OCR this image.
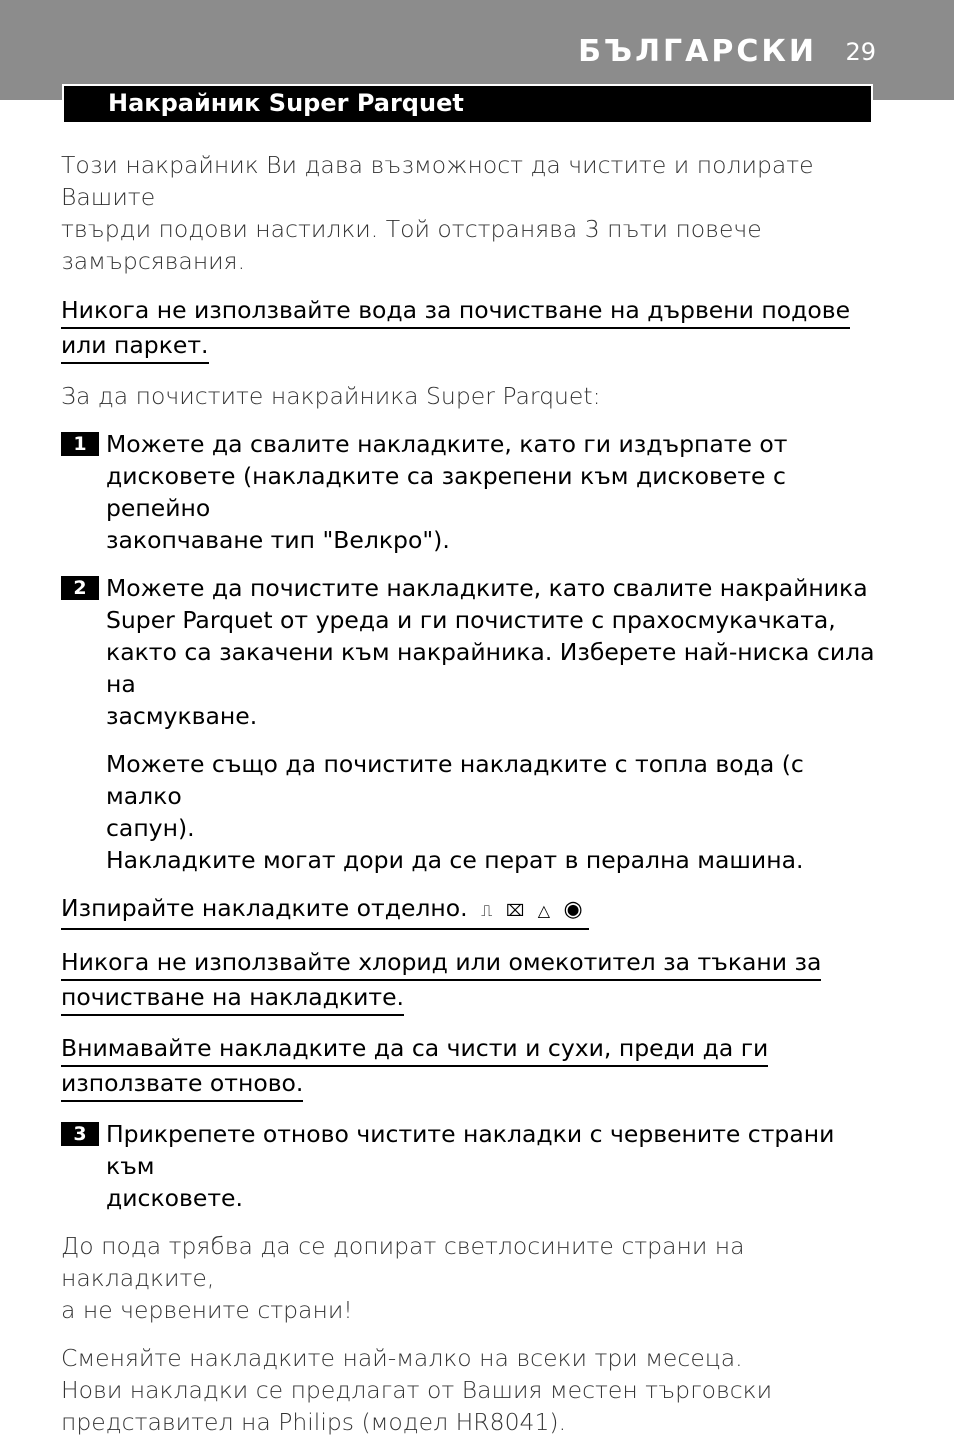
БЪЛГАРСКИ 29
Накрайник Super Parquet

Този накрайник Ви дава възможност да чистите и полирате Вашите
твърди подови настилки. Той отстранява 3 пъти повече
замърсявания.

Никога не използвайте вода за почистване на дървени подове
или паркет.

За да почистите накрайника Super Parquet:

1 Можете да свалите накладките, като ги издърпате от
дисковете (накладките са закрепени към дисковете с репейно
закопчаване тип "Велкро").

2 Можете да почистите накладките, като свалите накрайника
Super Parquet от уреда и ги почистите с прахосмукачката,
както са закачени към накрайника. Изберете най-ниска сила на
засмукване.

Можете също да почистите накладките с топла вода (с малко
сапун).
Накладките могат дори да се перат в перална машина.

Изпирайте накладките отделно. ⎍ ⌧ △ ◉

Никога не използвайте хлорид или омекотител за тъкани за
почистване на накладките.

Внимавайте накладките да са чисти и сухи, преди да ги
използвате отново.

3 Прикрепете отново чистите накладки с червените страни към
дисковете.

До пода трябва да се допират светлосините страни на накладките,
а не червените страни!

Сменяйте накладките най-малко на всеки три месеца.
Нови накладки се предлагат от Вашия местен търговски
представител на Philips (модел HR8041).
